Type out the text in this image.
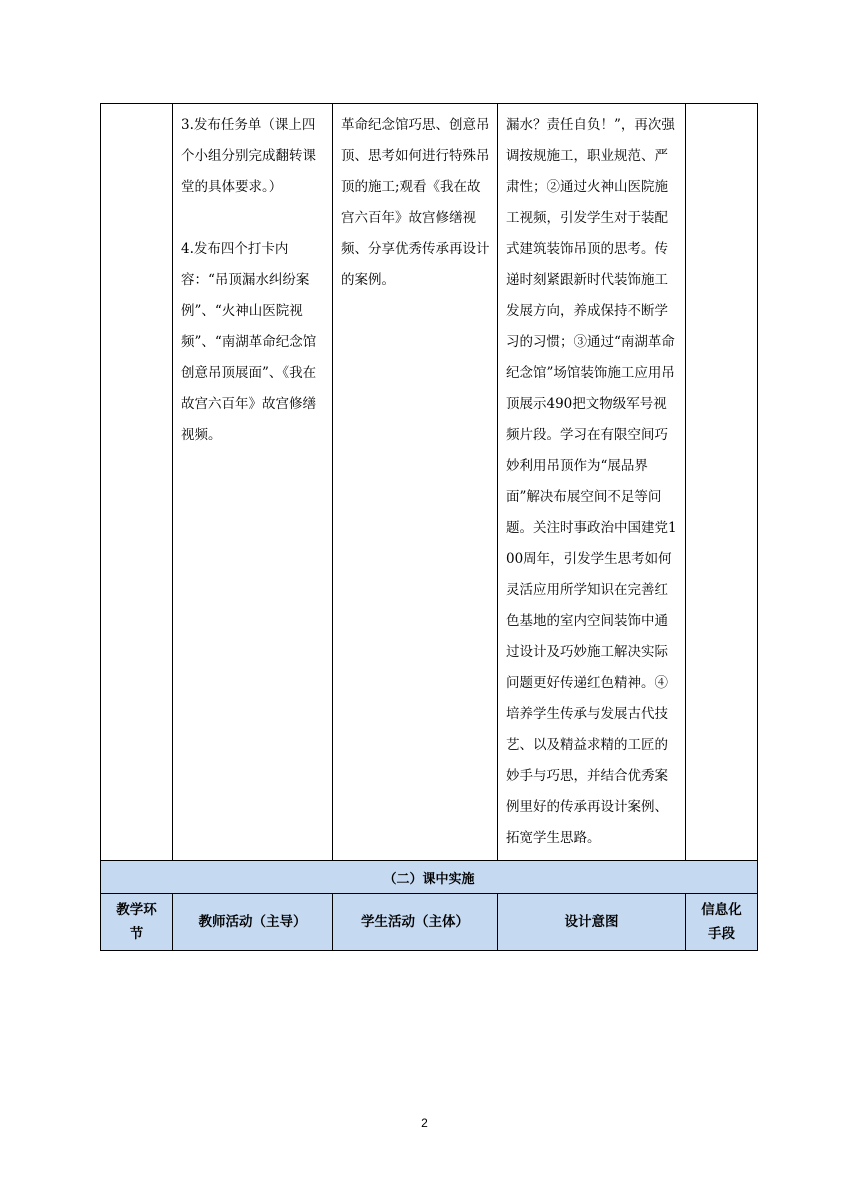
	3.发布任务单（课上四个小组分别完成翻转课堂的具体要求。）

4.发布四个打卡内容：“吊顶漏水纠纷案例”、“火神山医院视频”、“南湖革命纪念馆创意吊顶展面”、《我在故宫六百年》故宫修缮视频。	革命纪念馆巧思、创意吊顶、思考如何进行特殊吊顶的施工;观看《我在故宫六百年》故宫修缮视频、分享优秀传承再设计的案例。	漏水？责任自负！”，再次强调按规施工，职业规范、严肃性；②通过火神山医院施工视频，引发学生对于装配式建筑装饰吊顶的思考。传递时刻紧跟新时代装饰施工发展方向，养成保持不断学习的习惯；③通过“南湖革命纪念馆”场馆装饰施工应用吊顶展示490把文物级军号视频片段。学习在有限空间巧妙利用吊顶作为“展品界面”解决布展空间不足等问题。关注时事政治中国建党100周年，引发学生思考如何灵活应用所学知识在完善红色基地的室内空间装饰中通过设计及巧妙施工解决实际问题更好传递红色精神。④培养学生传承与发展古代技艺、以及精益求精的工匠的妙手与巧思，并结合优秀案例里好的传承再设计案例、拓宽学生思路。	

（二）课中实施				
教学环节	教师活动（主导）	学生活动（主体）	设计意图	信息化手段
2
